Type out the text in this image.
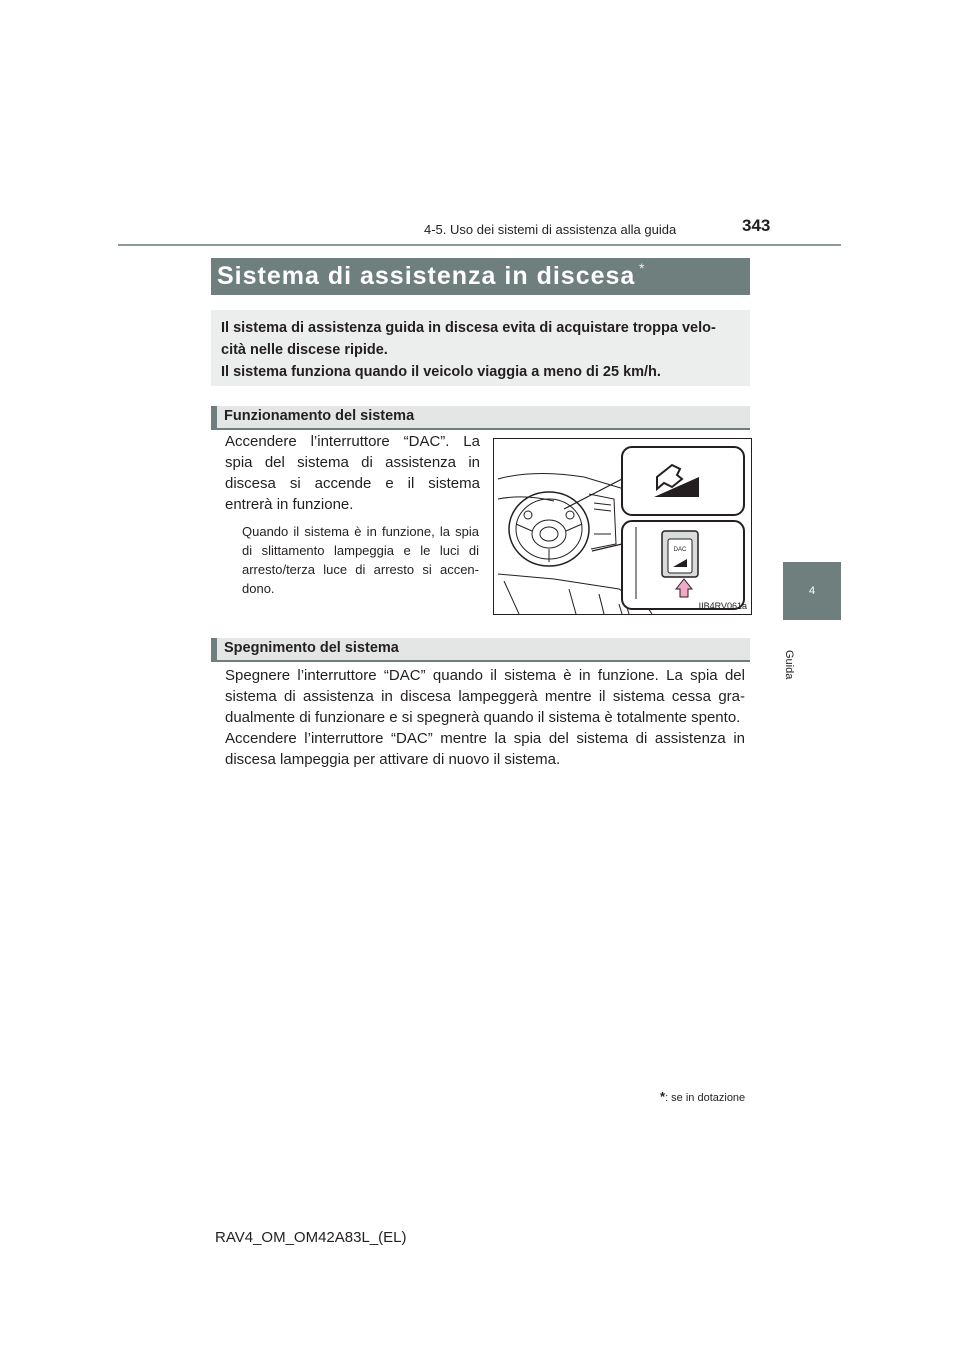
4-5. Uso dei sistemi di assistenza alla guida	343
4
Guida
Sistema di assistenza in discesa *
Il sistema di assistenza guida in discesa evita di acquistare troppa velo-
cità nelle discese ripide.
Il sistema funziona quando il veicolo viaggia a meno di 25 km/h.
Funzionamento del sistema
Accendere l’interruttore “DAC”. La
spia del sistema di assistenza in
discesa si accende e il sistema
entrerà in funzione.
Quando il sistema è in funzione, la spia
di slittamento lampeggia e le luci di
arresto/terza luce di arresto si accen-
dono.
DAC
IIB4RV061a
Spegnimento del sistema
Spegnere l’interruttore “DAC” quando il sistema è in funzione. La spia del
sistema di assistenza in discesa lampeggerà mentre il sistema cessa gra-
dualmente di funzionare e si spegnerà quando il sistema è totalmente spento.
Accendere l’interruttore “DAC” mentre la spia del sistema di assistenza in
discesa lampeggia per attivare di nuovo il sistema.
*: se in dotazione
RAV4_OM_OM42A83L_(EL)
